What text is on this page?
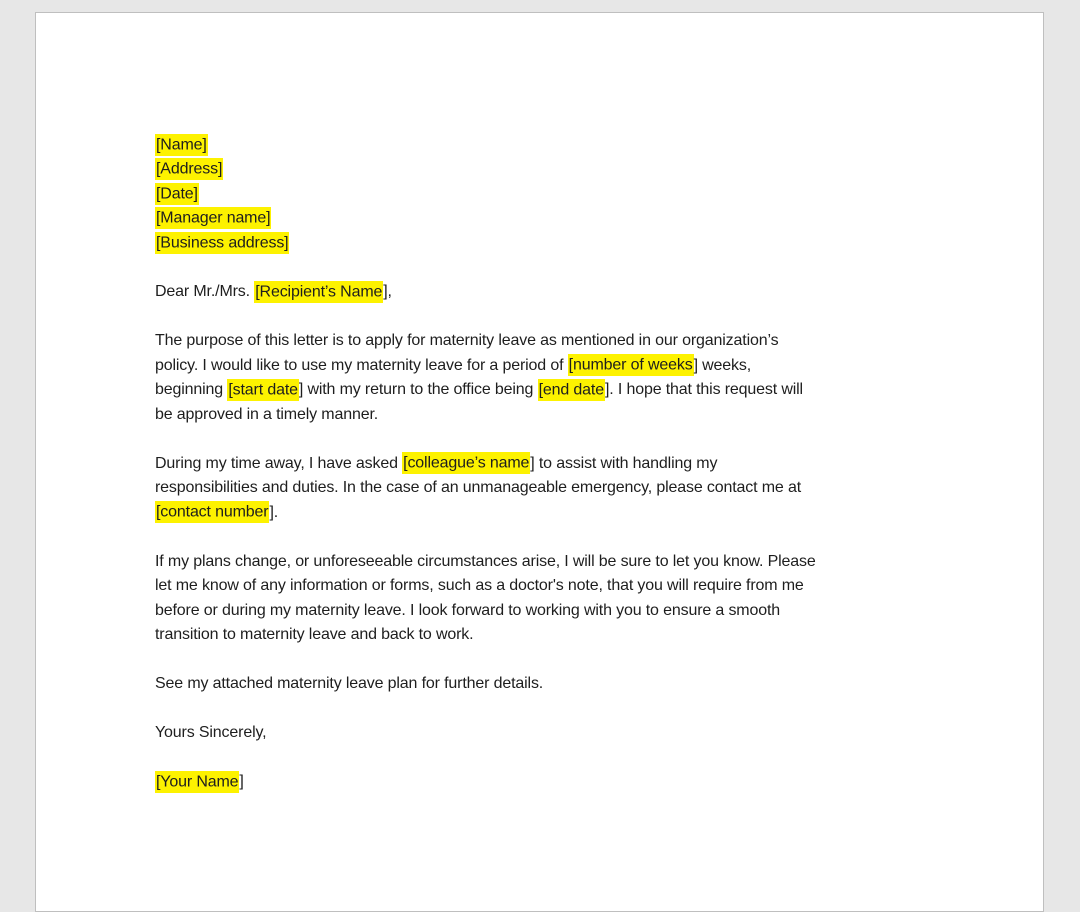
[Name]
[Address]
[Date]
[Manager name]
[Business address]

Dear Mr./Mrs. [Recipient’s Name],

The purpose of this letter is to apply for maternity leave as mentioned in our organization’s
policy. I would like to use my maternity leave for a period of [number of weeks] weeks,
beginning [start date] with my return to the office being [end date]. I hope that this request will
be approved in a timely manner.

During my time away, I have asked [colleague’s name] to assist with handling my
responsibilities and duties. In the case of an unmanageable emergency, please contact me at
[contact number].

If my plans change, or unforeseeable circumstances arise, I will be sure to let you know. Please
let me know of any information or forms, such as a doctor's note, that you will require from me
before or during my maternity leave. I look forward to working with you to ensure a smooth
transition to maternity leave and back to work.

See my attached maternity leave plan for further details.

Yours Sincerely,

[Your Name]
